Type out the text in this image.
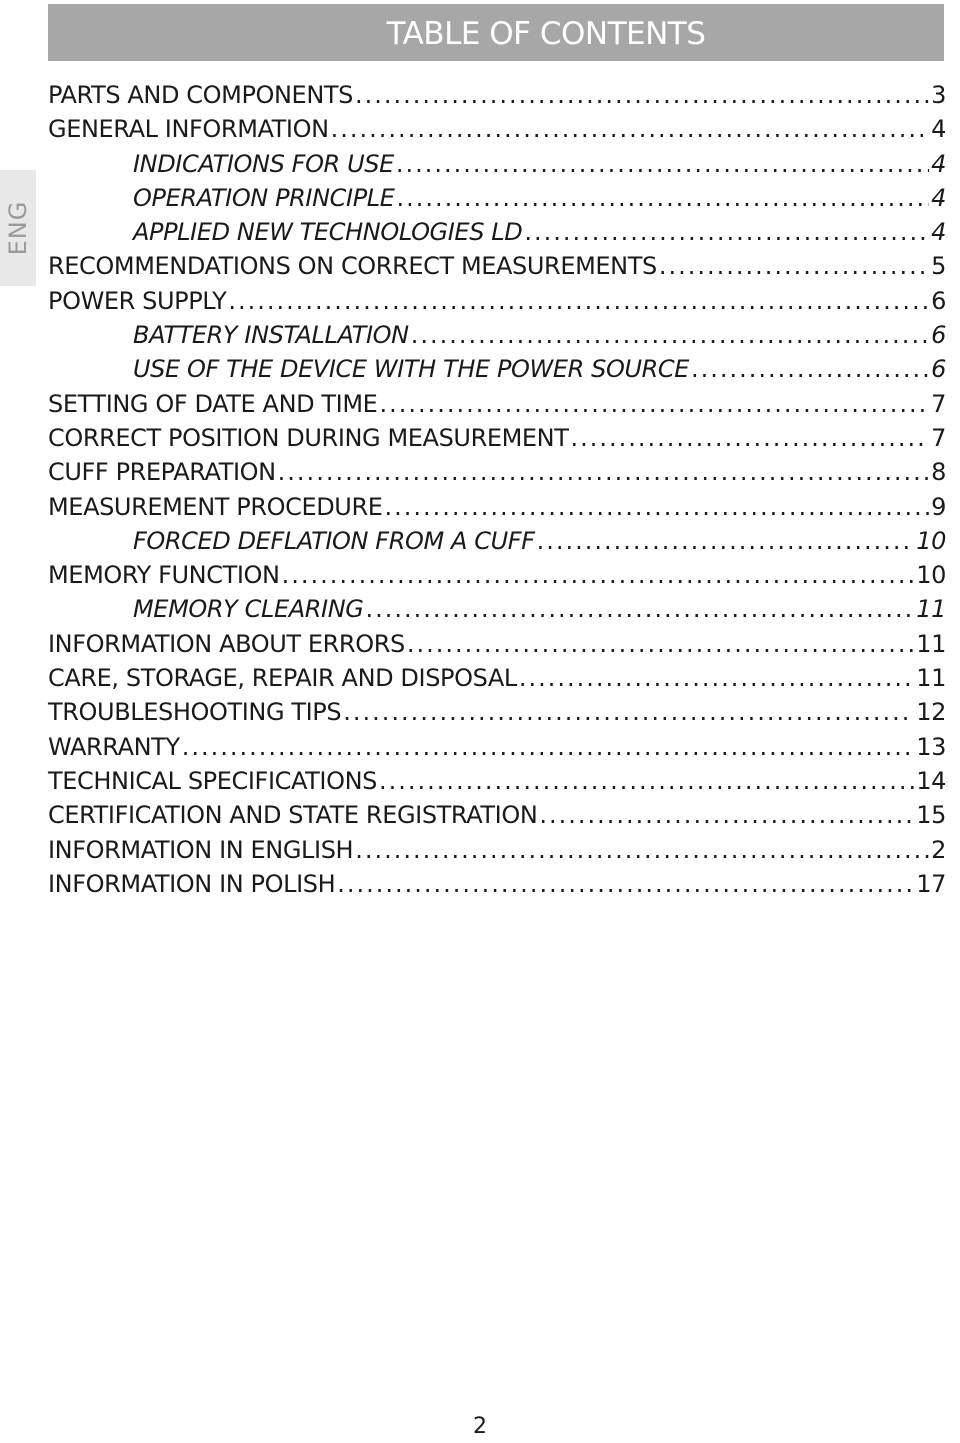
TABLE OF CONTENTS
ENG
PARTS AND COMPONENTS .....	3
GENERAL INFORMATION .....	4
INDICATIONS FOR USE .....	4
OPERATION PRINCIPLE .....	4
APPLIED NEW TECHNOLOGIES LD .....	4
RECOMMENDATIONS ON CORRECT MEASUREMENTS .....	5
POWER SUPPLY .....	6
BATTERY INSTALLATION .....	6
USE OF THE DEVICE WITH THE POWER SOURCE .....	6
SETTING OF DATE AND TIME .....	7
CORRECT POSITION DURING MEASUREMENT .....	7
CUFF PREPARATION .....	8
MEASUREMENT PROCEDURE .....	9
FORCED DEFLATION FROM A CUFF .....	10
MEMORY FUNCTION .....	10
MEMORY CLEARING .....	11
INFORMATION ABOUT ERRORS .....	11
CARE, STORAGE, REPAIR AND DISPOSAL .....	11
TROUBLESHOOTING TIPS .....	12
WARRANTY .....	13
TECHNICAL SPECIFICATIONS .....	14
CERTIFICATION AND STATE REGISTRATION .....	15
INFORMATION IN ENGLISH .....	2
INFORMATION IN POLISH .....	17
2
